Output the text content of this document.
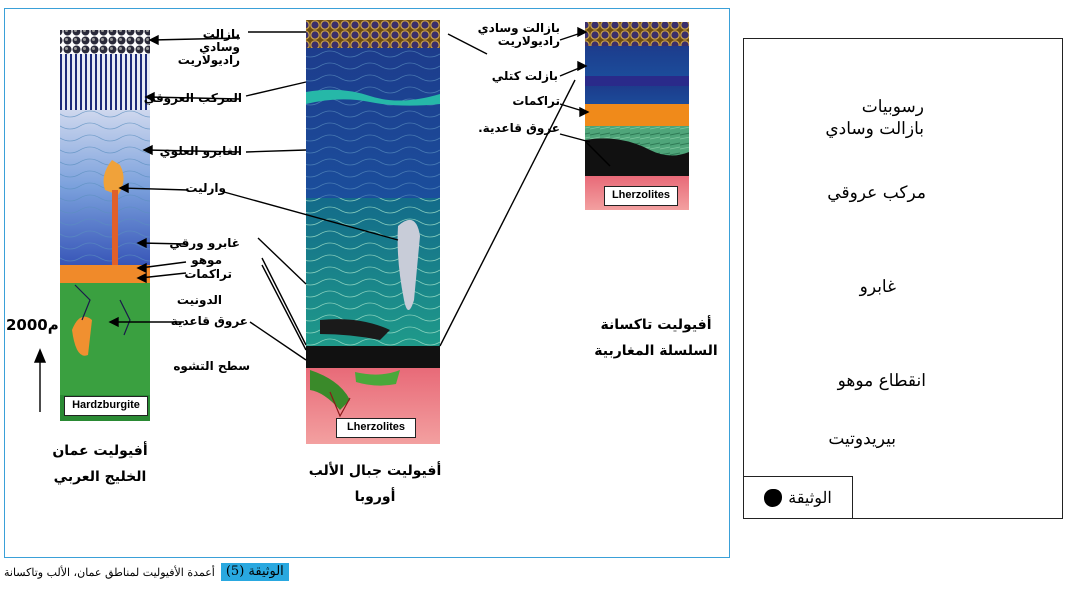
Hardzburgite
Lherzolites
Lherzolites
بازالت وسادي
راديولاريت
المركب العروقي
الغابرو العلوي
وارليت
غابرو ورقي
موهو
تراكمات
الدونيت
عروق قاعدية
سطح التشوه
2000م
بازالت وسادي
راديولاريت
بازلت كتلي
تراكمات
عروق قاعدية.
أفيوليت عمان
الخليج العربي	أفيوليت جبال الألب
أوروبا
أفيوليت تاكسانة
السلسلة المغاربية
الوثيقة (5)
أعمدة الأفيوليت لمناطق عمان، الألب وتاكسانة
رسوبيات
بازالت وسادي
مركب عروقي
غابرو
انقطاع موهو
بيريدوتيت
الوثيقة
